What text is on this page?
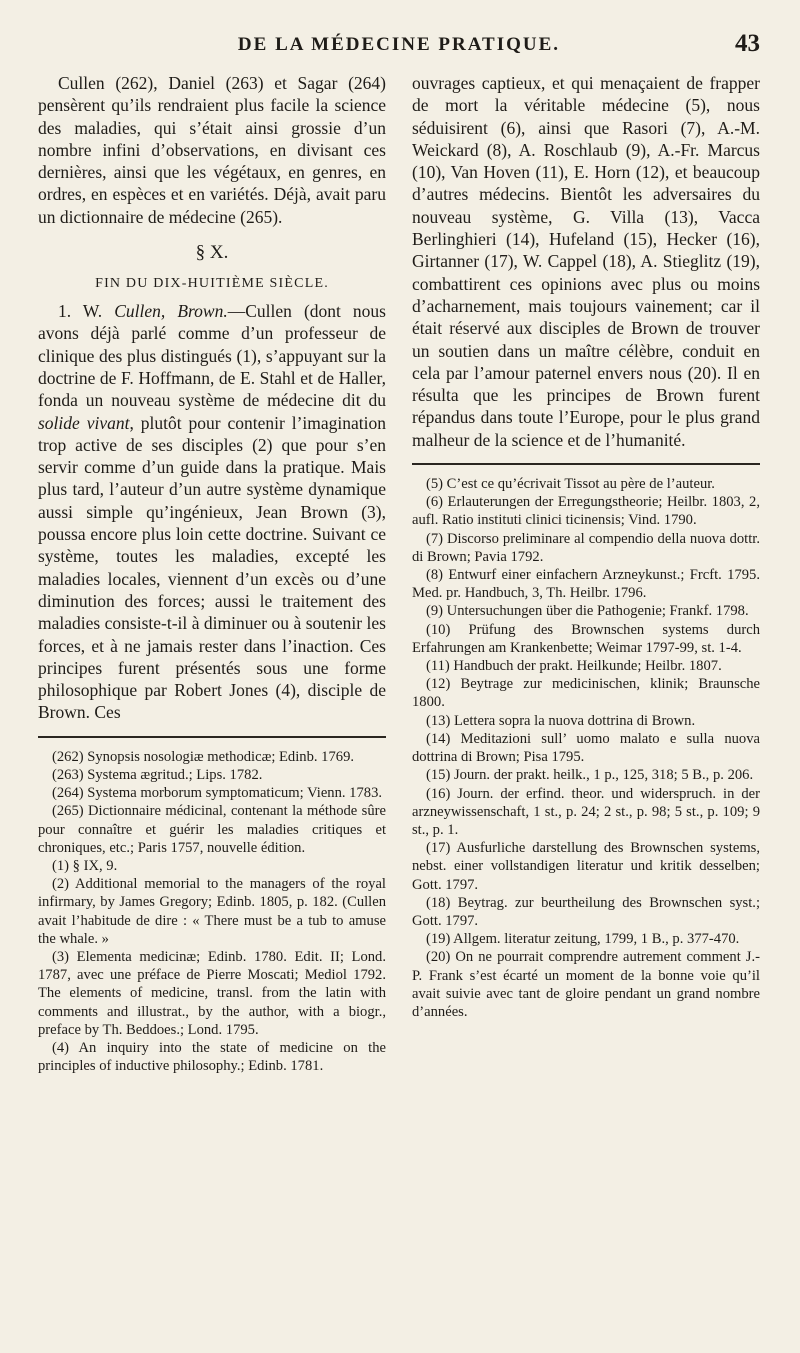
DE LA MÉDECINE PRATIQUE.	43

Cullen (262), Daniel (263) et Sagar (264) pensèrent qu’ils rendraient plus facile la science des maladies, qui s’était ainsi grossie d’un nombre infini d’observations, en divisant ces dernières, ainsi que les végétaux, en genres, en ordres, en espèces et en variétés. Déjà, avait paru un dictionnaire de médecine (265).

§ X.
FIN DU DIX-HUITIÈME SIÈCLE.

1. W. Cullen, Brown.—Cullen (dont nous avons déjà parlé comme d’un professeur de clinique des plus distingués (1), s’appuyant sur la doctrine de F. Hoffmann, de E. Stahl et de Haller, fonda un nouveau système de médecine dit du solide vivant, plutôt pour contenir l’imagination trop active de ses disciples (2) que pour s’en servir comme d’un guide dans la pratique. Mais plus tard, l’auteur d’un autre système dynamique aussi simple qu’ingénieux, Jean Brown (3), poussa encore plus loin cette doctrine. Suivant ce système, toutes les maladies, excepté les maladies locales, viennent d’un excès ou d’une diminution des forces; aussi le traitement des maladies consiste-t-il à diminuer ou à soutenir les forces, et à ne jamais rester dans l’inaction. Ces principes furent présentés sous une forme philosophique par Robert Jones (4), disciple de Brown. Ces

(262) Synopsis nosologiæ methodicæ; Edinb. 1769.

(263) Systema ægritud.; Lips. 1782.

(264) Systema morborum symptomaticum; Vienn. 1783.

(265) Dictionnaire médicinal, contenant la méthode sûre pour connaître et guérir les maladies critiques et chroniques, etc.; Paris 1757, nouvelle édition.

(1) § IX, 9.

(2) Additional memorial to the managers of the royal infirmary, by James Gregory; Edinb. 1805, p. 182. (Cullen avait l’habitude de dire : « There must be a tub to amuse the whale. »

(3) Elementa medicinæ; Edinb. 1780. Edit. II; Lond. 1787, avec une préface de Pierre Moscati; Mediol 1792. The elements of medicine, transl. from the latin with comments and illustrat., by the author, with a biogr., preface by Th. Beddoes.; Lond. 1795.

(4) An inquiry into the state of medicine on the principles of inductive philosophy.; Edinb. 1781.

ouvrages captieux, et qui menaçaient de frapper de mort la véritable médecine (5), nous séduisirent (6), ainsi que Rasori (7), A.-M. Weickard (8), A. Roschlaub (9), A.-Fr. Marcus (10), Van Hoven (11), E. Horn (12), et beaucoup d’autres médecins. Bientôt les adversaires du nouveau système, G. Villa (13), Vacca Berlinghieri (14), Hufeland (15), Hecker (16), Girtanner (17), W. Cappel (18), A. Stieglitz (19), combattirent ces opinions avec plus ou moins d’acharnement, mais toujours vainement; car il était réservé aux disciples de Brown de trouver un soutien dans un maître célèbre, conduit en cela par l’amour paternel envers nous (20). Il en résulta que les principes de Brown furent répandus dans toute l’Europe, pour le plus grand malheur de la science et de l’humanité.

(5) C’est ce qu’écrivait Tissot au père de l’auteur.

(6) Erlauterungen der Erregungstheorie; Heilbr. 1803, 2, aufl. Ratio instituti clinici ticinensis; Vind. 1790.

(7) Discorso preliminare al compendio della nuova dottr. di Brown; Pavia 1792.

(8) Entwurf einer einfachern Arzneykunst.; Frcft. 1795. Med. pr. Handbuch, 3, Th. Heilbr. 1796.

(9) Untersuchungen über die Pathogenie; Frankf. 1798.

(10) Prüfung des Brownschen systems durch Erfahrungen am Krankenbette; Weimar 1797-99, st. 1-4.

(11) Handbuch der prakt. Heilkunde; Heilbr. 1807.

(12) Beytrage zur medicinischen, klinik; Braunsche 1800.

(13) Lettera sopra la nuova dottrina di Brown.

(14) Meditazioni sull’ uomo malato e sulla nuova dottrina di Brown; Pisa 1795.

(15) Journ. der prakt. heilk., 1 p., 125, 318; 5 B., p. 206.

(16) Journ. der erfind. theor. und widerspruch. in der arzneywissenschaft, 1 st., p. 24; 2 st., p. 98; 5 st., p. 109; 9 st., p. 1.

(17) Ausfurliche darstellung des Brownschen systems, nebst. einer vollstandigen literatur und kritik desselben; Gott. 1797.

(18) Beytrag. zur beurtheilung des Brownschen syst.; Gott. 1797.

(19) Allgem. literatur zeitung, 1799, 1 B., p. 377-470.

(20) On ne pourrait comprendre autrement comment J.-P. Frank s’est écarté un moment de la bonne voie qu’il avait suivie avec tant de gloire pendant un grand nombre d’années.
